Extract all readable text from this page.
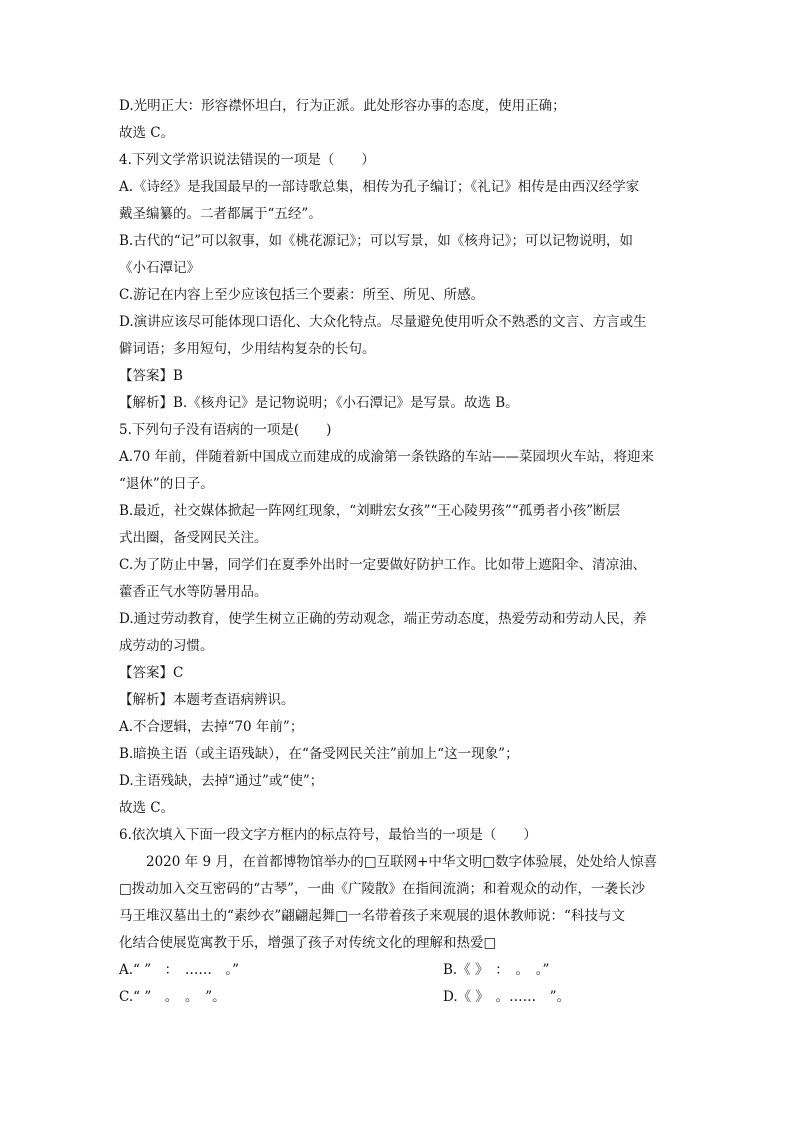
D.光明正大：形容襟怀坦白，行为正派。此处形容办事的态度，使用正确；
故选 C。
4.下列文学常识说法错误的一项是（　　）
A.《诗经》是我国最早的一部诗歌总集，相传为孔子编订；《礼记》相传是由西汉经学家
戴圣编纂的。二者都属于“五经”。
B.古代的“记”可以叙事，如《桃花源记》；可以写景，如《核舟记》；可以记物说明，如
《小石潭记》
C.游记在内容上至少应该包括三个要素：所至、所见、所感。
D.演讲应该尽可能体现口语化、大众化特点。尽量避免使用听众不熟悉的文言、方言或生
僻词语；多用短句，少用结构复杂的长句。
【答案】B
【解析】B.《核舟记》是记物说明；《小石潭记》是写景。故选 B。
5.下列句子没有语病的一项是(　　)
A.70 年前，伴随着新中国成立而建成的成渝第一条铁路的车站——菜园坝火车站，将迎来
“退休”的日子。
B.最近，社交媒体掀起一阵网红现象，“刘畊宏女孩”“王心陵男孩”“孤勇者小孩”断层
式出圈，备受网民关注。
C.为了防止中暑，同学们在夏季外出时一定要做好防护工作。比如带上遮阳伞、清凉油、
藿香正气水等防暑用品。
D.通过劳动教育，使学生树立正确的劳动观念，端正劳动态度，热爱劳动和劳动人民，养
成劳动的习惯。
【答案】C
【解析】本题考查语病辨识。
A.不合逻辑，去掉“70 年前”；
B.暗换主语（或主语残缺），在“备受网民关注”前加上“这一现象”；
D.主语残缺，去掉“通过”或“使”；
故选 C。
6.依次填入下面一段文字方框内的标点符号，最恰当的一项是（　　）
2020 年 9 月，在首都博物馆举办的□互联网+中华文明□数字体验展，处处给人惊喜
□拨动加入交互密码的“古琴”，一曲《广陵散》在指间流淌；和着观众的动作，一袭长沙
马王堆汉墓出土的“素纱衣”翩翩起舞□一名带着孩子来观展的退休教师说：“科技与文
化结合使展览寓教于乐，增强了孩子对传统文化的理解和热爱□
A.“ ”　：　……　。”	B.《 》　：　。　。”
C.“ ”　。　。　”。	D.《 》　。……　”。
